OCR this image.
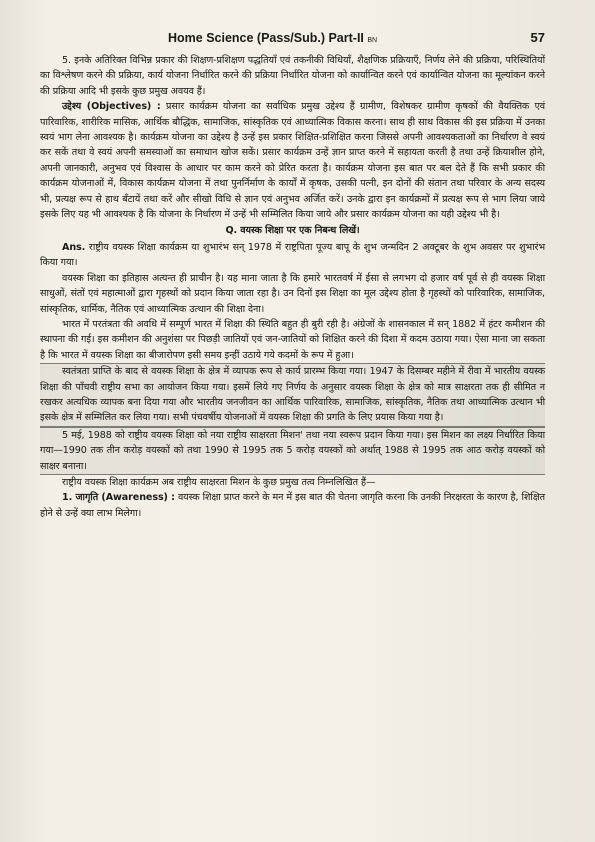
Home Science (Pass/Sub.) Part-II BN	57

5. इनके अतिरिक्त विभिन्न प्रकार की शिक्षण-प्रशिक्षण पद्धतियाँ एवं तकनीकी विधियाँ, शैक्षणिक प्रक्रियाएँ, निर्णय लेने की प्रक्रिया, परिस्थितियों का विश्लेषण करने की प्रक्रिया, कार्य योजना निर्धारित करने की प्रक्रिया निर्धारित योजना को कार्यान्वित करने एवं कार्यान्वित योजना का मूल्यांकन करने की प्रक्रिया आदि भी इसके कुछ प्रमुख अवयव हैं।

उद्देश्य (Objectives) : प्रसार कार्यक्रम योजना का सर्वाधिक प्रमुख उद्देश्य हैं ग्रामीण, विशेषकर ग्रामीण कृषकों की वैयक्तिक एवं पारिवारिक, शारीरिक मासिक, आर्थिक बौद्धिक, सामाजिक, सांस्कृतिक एवं आध्यात्मिक विकास करना। साथ ही साथ विकास की इस प्रक्रिया में उनका स्वयं भाग लेना आवश्यक है। कार्यक्रम योजना का उद्देश्य है उन्हें इस प्रकार शिक्षित-प्रशिक्षित करना जिससे अपनी आवश्यकताओं का निर्धारण वे स्वयं कर सकें तथा वे स्वयं अपनी समस्याओं का समाधान खोज सकें। प्रसार कार्यक्रम उन्हें ज्ञान प्राप्त करने में सहायता करती है तथा उन्हें क्रियाशील होने, अपनी जानकारी, अनुभव एवं विश्वास के आधार पर काम करने को प्रेरित करता है। कार्यक्रम योजना इस बात पर बल देते हैं कि सभी प्रकार की कार्यक्रम योजनाओं में, विकास कार्यक्रम योजना में तथा पुनर्निर्माण के कार्यों में कृषक, उसकी पत्नी, इन दोनों की संतान तथा परिवार के अन्य सदस्य भी, प्रत्यक्ष रूप से हाथ बँटायें तथा करें और सीखो विधि से ज्ञान एवं अनुभव अर्जित करें। उनके द्वारा इन कार्यक्रमों में प्रत्यक्ष रूप से भाग लिया जाये इसके लिए यह भी आवश्यक है कि योजना के निर्धारण में उन्हें भी सम्मिलित किया जाये और प्रसार कार्यक्रम योजना का यही उद्देश्य भी है।

Q. वयस्क शिक्षा पर एक निबन्ध लिखें।

Ans. राष्ट्रीय वयस्क शिक्षा कार्यक्रम या शुभारंभ सन् 1978 में राष्ट्रपिता पूज्य बापू के शुभ जन्मदिन 2 अक्टूबर के शुभ अवसर पर शुभारंभ किया गया।

वयस्क शिक्षा का इतिहास अत्यन्त ही प्राचीन है। यह माना जाता है कि हमारे भारतवर्ष में ईसा से लगभग दो हजार वर्ष पूर्व से ही वयस्क शिक्षा साधुओं, संतों एवं महात्माओं द्वारा गृहस्थों को प्रदान किया जाता रहा है। उन दिनों इस शिक्षा का मूल उद्देश्य होता है गृहस्थों को पारिवारिक, सामाजिक, सांस्कृतिक, धार्मिक, नैतिक एवं आध्यात्मिक उत्थान की शिक्षा देना।

भारत में परतंत्रता की अवधि में सम्पूर्ण भारत में शिक्षा की स्थिति बहुत ही बुरी रही है। अंग्रेजों के शासनकाल में सन् 1882 में हंटर कमीशन की स्थापना की गई। इस कमीशन की अनुशंसा पर पिछड़ी जातियों एवं जन-जातियों को शिक्षित करने की दिशा में कदम उठाया गया। ऐसा माना जा सकता है कि भारत में वयस्क शिक्षा का बीजारोपण इसी समय इन्हीं उठाये गये कदमों के रूप में हुआ।

स्वतंत्रता प्राप्ति के बाद से वयस्क शिक्षा के क्षेत्र में व्यापक रूप से कार्य प्रारम्भ किया गया। 1947 के दिसम्बर महीने में रीवा में भारतीय वयस्क शिक्षा की पाँचवी राष्ट्रीय सभा का आयोजन किया गया। इसमें लिये गए निर्णय के अनुसार वयस्क शिक्षा के क्षेत्र को मात्र साक्षरता तक ही सीमित न रखकर अत्यधिक व्यापक बना दिया गया और भारतीय जनजीवन का आर्थिक पारिवारिक, सामाजिक, सांस्कृतिक, नैतिक तथा आध्यात्मिक उत्थान भी इसके क्षेत्र में सम्मिलित कर लिया गया। सभी पंचवर्षीय योजनाओं में वयस्क शिक्षा की प्रगति के लिए प्रयास किया गया है।

5 मई, 1988 को राष्ट्रीय वयस्क शिक्षा को नया राष्ट्रीय साक्षरता मिशन' तथा नया स्वरूप प्रदान किया गया। इस मिशन का लक्ष्य निर्धारित किया गया—1990 तक तीन करोड़ वयस्कों को तथा 1990 से 1995 तक 5 करोड़ वयस्कों को अर्थात् 1988 से 1995 तक आठ करोड़ वयस्कों को साक्षर बनाना।

राष्ट्रीय वयस्क शिक्षा कार्यक्रम अब राष्ट्रीय साक्षरता मिशन के कुछ प्रमुख तत्व निम्नलिखित हैं—

1. जागृति (Awareness) : वयस्क शिक्षा प्राप्त करने के मन में इस बात की चेतना जागृति करना कि उनकी निरक्षरता के कारण है, शिक्षित होने से उन्हें क्या लाभ मिलेगा।
